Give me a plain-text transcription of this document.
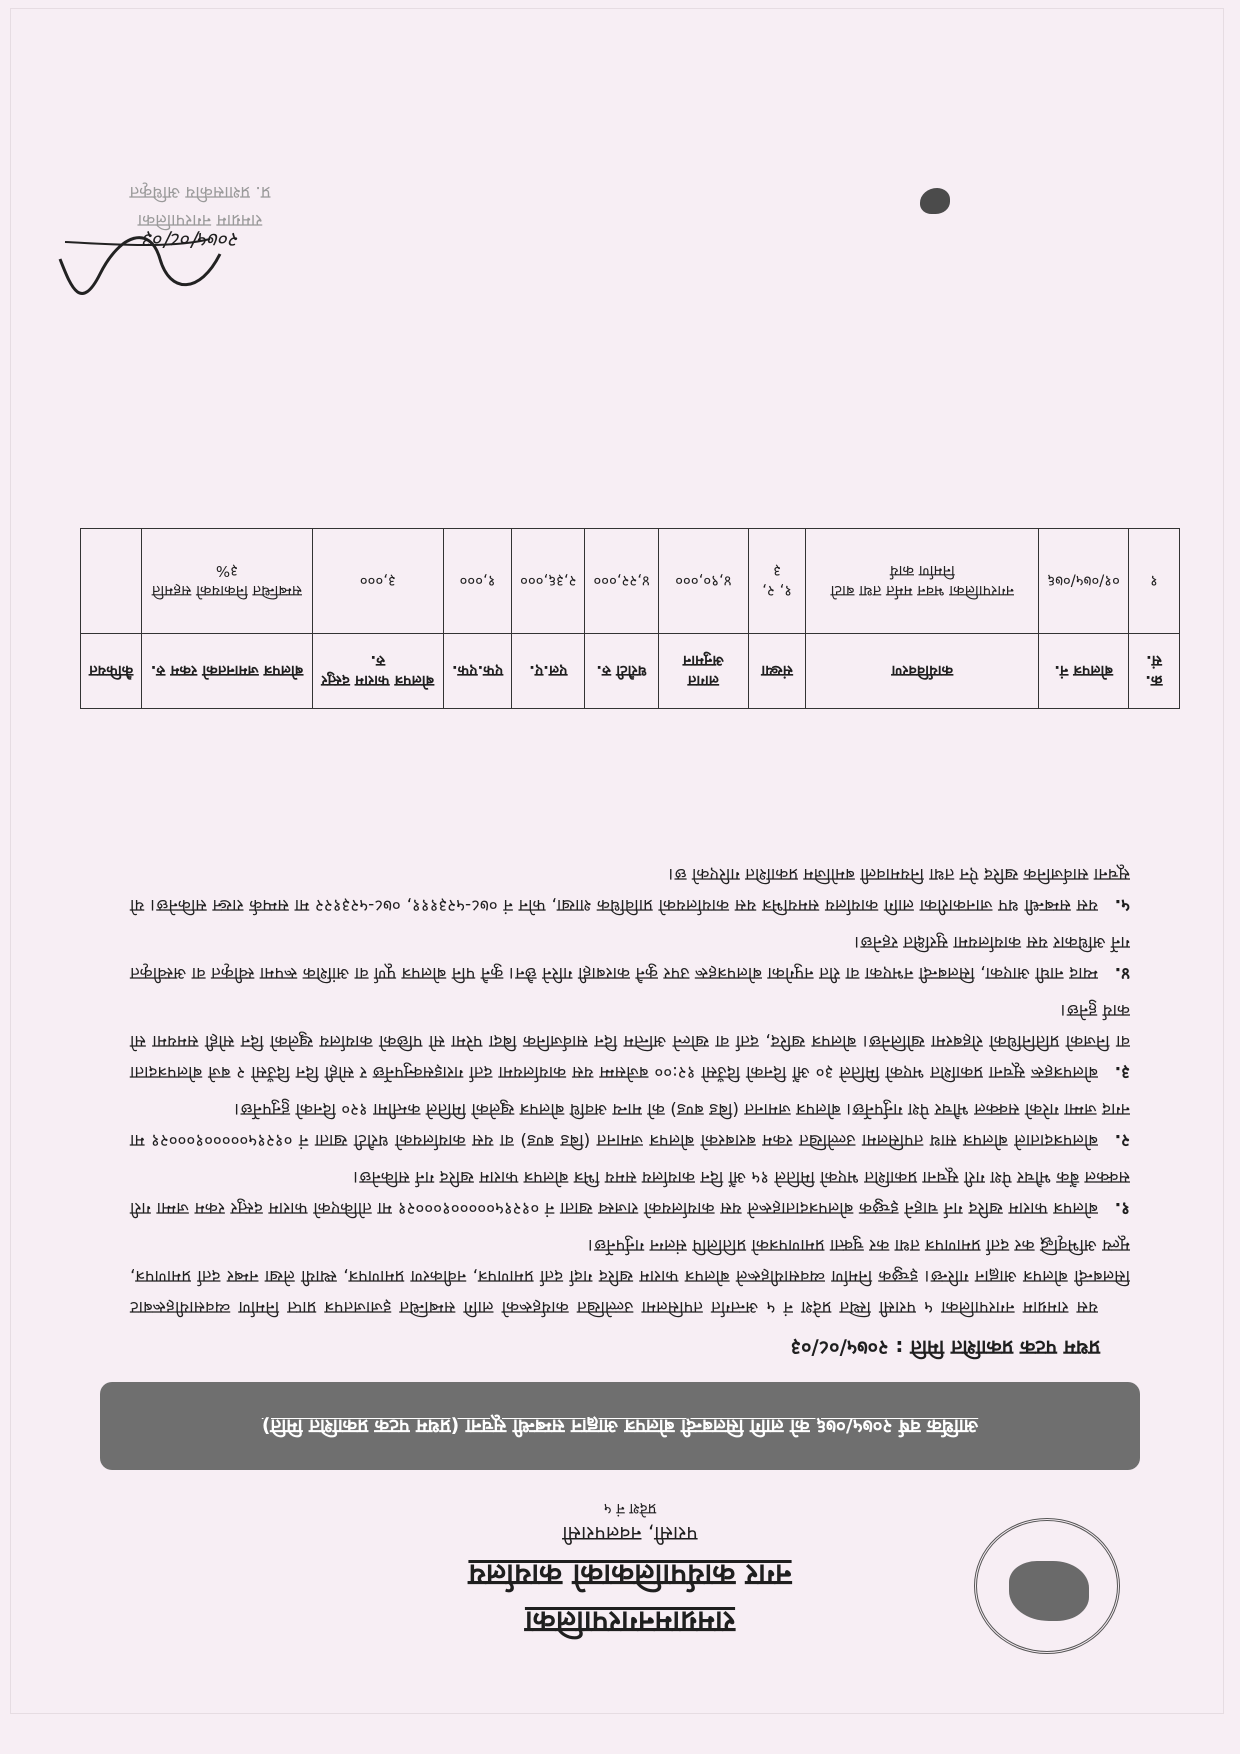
रामग्रामनगरपालिका

नगर कार्यपालिकाको कार्यालय

परासी, नवलपरासी

प्रदेश नं ५

आर्थिक वर्ष २०७५/०७६ को लागि सिलबन्दी बोलपत्र आह्वान सम्बन्धी सूचना (प्रथम पटक प्रकाशित मिति)
प्रथम पटक प्रकाशित मिति : २०७५/०८/०३

यस रामग्राम नगरपालिका ५ परासी स्थित प्रदेश नं ५ अन्तर्गत तपसिलमा उल्लेखित कार्यहरूको लागि सम्बन्धित इजाजतपत्र प्राप्त निर्माण व्यवसायीहरूबाट सिलबन्दी बोलपत्र आह्वान गरिन्छ। इच्छुक निर्माण व्यवसायीहरूले बोलपत्र फाराम खरिद गर्दा दर्ता प्रमाणपत्र, नवीकरण प्रमाणपत्र, स्थायी लेखा नम्बर दर्ता प्रमाणपत्र, मूल्य अभिवृद्धि कर दर्ता प्रमाणपत्र तथा कर चुक्ता प्रमाणपत्रको प्रतिलिपि संलग्न गर्नुपर्नेछ।

१.बोलपत्र फाराम खरिद गर्न चाहने इच्छुक बोलपत्रदाताहरूले यस कार्यालयको राजस्व खाता नं ०१२१५०००००१०००२१ मा तोकिएको फाराम दस्तुर रकम जम्मा गरी सक्कल बैंक भौचर पेश गरी सूचना प्रकाशित भएको मितिले १५ औं दिन कार्यालय समय भित्र बोलपत्र फाराम खरिद गर्न सकिनेछ।

२.बोलपत्रदाताले बोलपत्र साथ तपसिलमा उल्लेखित रकम बराबरको बोलपत्र जमानत (बिड बण्ड) वा यस कार्यालयको धरौटी खाता नं ०१२१५०००००१०००२१ मा नगद जम्मा गरेको सक्कल भौचर पेश गर्नुपर्नेछ। बोलपत्र जमानत (बिड बण्ड) को मान्य अवधि बोलपत्र खुलेको मितिले कम्तीमा १२० दिनको हुनुपर्नेछ।

३.बोलपत्रहरू सूचना प्रकाशित भएको मितिले ३० औं दिनको दिउँसो १२:०० बजेसम्म यस कार्यालयमा दर्ता गराइसक्नुपर्नेछ र सोही दिन दिउँसो २ बजे बोलपत्रदाता वा निजको प्रतिनिधिको रोहबरमा खोलिनेछ। बोलपत्र खरिद, दर्ता वा खोल्ने अन्तिम दिन सार्वजनिक बिदा परेमा सो पछिको कार्यालय खुलेको दिन सोही समयमा सो कार्य हुनेछ।

४.म्याद नाघी आएका, सिलबन्दी नभएका वा रीत नपुगेका बोलपत्रहरू उपर कुनै कारबाही गरिने छैन। कुनै पनि बोलपत्र पूर्ण वा आंशिक रूपमा स्वीकृत वा अस्वीकृत गर्ने अधिकार यस कार्यालयमा सुरक्षित रहनेछ।

५.यस सम्बन्धी थप जानकारीका लागि कार्यालय समयभित्र यस कार्यालयको प्राविधिक शाखा, फोन नं ०७८-५२३१११, ०७८-५२३१२२ मा सम्पर्क राख्न सकिनेछ। यो सूचना सार्वजनिक खरिद ऐन तथा नियमावली बमोजिम प्रकाशित गरिएको छ।

क्र. सं.	बोलपत्र नं.	कार्यविवरण	संख्या	लागत अनुमान	धरौटी रु.	एल.ए.	एफ.एफ.	बोलपत्र फाराम दस्तुर रु.	बोलपत्र जमानतको रकम रु.	कैफियत
१	०१/०७५/०७६	नगरपालिका भवन मर्मत तथा बाटो निर्माण कार्य	१, २, ३	४,९०,०००	४,२२,०००	२,३६,०००	१,०००	३,०००	सम्बन्धित निकायको सहमति ३%	
२०७५/०८/०३
रामग्राम नगरपालिका
प्र. प्रशासकीय अधिकृत
